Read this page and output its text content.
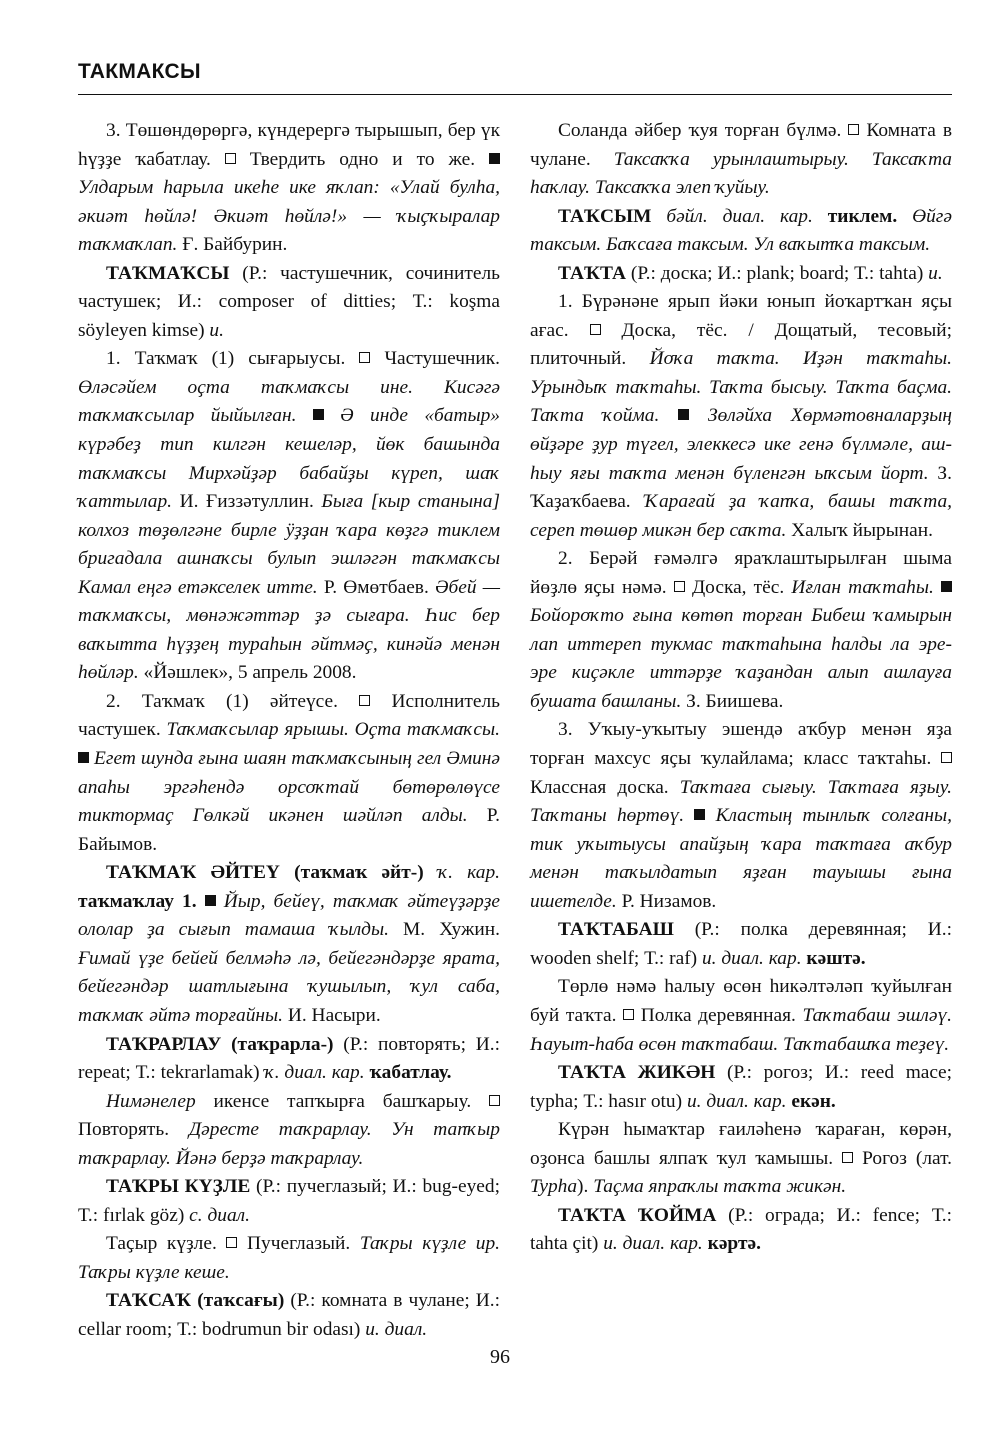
ТАКМАКСЫ

3. Төшөндөрөргә, күндерергә тырышып, бер үк һүҙҙе ҡабатлау.  Твердить одно и то же.  Улдарым һарыла икеһе ике яҡлап: «Улай булһа, әкиәт һөйлә! Әкиәт һөйлә!» — ҡыҫҡыралар таҡмаҡлап. Ғ. Байбурин.

ТАҠМАҠСЫ (Р.: частушечник, сочинитель частушек; И.: composer of ditties; Т.: koşma söyleyen kimse) и.

1. Таҡмаҡ (1) сығарыусы.  Частушечник. Өләсәйем оҫта таҡмаҡсы ине. Кисәгә таҡмаҡсылар йыйылған.  Ә инде «батыр» күрәбеҙ тип килгән кешеләр, йөк башында таҡмаҡсы Мирхәйҙәр бабайҙы күреп, шаҡ ҡаттылар. И. Ғиззәтуллин. Быға [кыр станына] колхоз төҙөлгәне бирле ӱҙҙан ҡара көҙгә тиклем бригадала ашнаҡсы булып эшләгән таҡмаҡсы Камал еңгә етәкселек итте. Р. Өмөтбаев. Әбей — таҡмаҡсы, мөнәжәттәр ҙә сығара. Һис бер ваҡытта һүҙҙең тураһын әйтмәҫ, кинәйә менән һөйләр. «Йәшлек», 5 апрель 2008.

2. Таҡмаҡ (1) әйтеүсе.  Исполнитель частушек. Таҡмаҡсылар ярышы. Оҫта таҡмаҡсы.  Егет шунда ғына шаян таҡмаҡсының гел Әминә апаһы эргәһендә орсоҡтай бөтөрөлөүсе тиктормаҫ Гөлкәй икәнен шәйләп алды. Р. Байымов.

ТАҠМАҠ ӘЙТЕҮ (таҡмаҡ әйт-) ҡ. кар. таҡмаҡлау 1.  Йыр, бейеү, таҡмаҡ әйтеүҙәрҙе ололар ҙа сығып тамаша ҡылды. М. Хужин. Ғимай үҙе бейей белмәһә лә, бейегәндәрҙе ярата, бейегәндәр шатлығына ҡушылып, ҡул саба, таҡмаҡ әйтә торғайны. И. Насыри.

ТАҠРАРЛАУ (таҡрарла-) (Р.: повторять; И.: repeat; Т.: tekrarlamak) ҡ. диал. кар. ҡабатлау.

Нимәнелер икенсе тапҡырға башҡарыу.  Повторять. Дәресте таҡрарлау. Ун тапҡыр таҡрарлау. Йәнә берҙә таҡрарлау.

ТАҠРЫ КҮҘЛЕ (Р.: пучеглазый; И.: bug-eyed; Т.: fırlak göz) с. диал.

Таҫыр күҙле.  Пучеглазый. Таҡры күҙле ир. Таҡры күҙле кеше.

ТАҠСАҠ (таҡсағы) (Р.: комната в чулане; И.: cellar room; Т.: bodrumun bir odası) и. диал.

Соланда әйбер ҡуя торған бүлмә.  Комната в чулане. Таксаҡҡа урынлаштырыу. Таксаҡта һаҡлау. Таксаҡҡа элеп ҡуйыу.

ТАҠСЫМ бәйл. диал. кар. тиклем. Өйгә таксым. Баҡсаға таксым. Ул ваҡытҡа таксым.

ТАҠТА (Р.: доска; И.: plank; board; Т.: tahta) и.

1. Бүрәнәне ярып йәки юнып йоҡартҡан яҫы ағас.  Доска, тёс. / Дощатый, тесовый; плиточный. Йоҡа таҡта. Иҙән таҡтаһы. Урындыҡ таҡтаһы. Таҡта бысыу. Таҡта баҫма. Таҡта ҡойма.  Зөләйха Хөрмәтовналарҙың өйҙәре ҙур түгел, элеккесә ике генә бүлмәле, аш-һыу яғы таҡта менән бүленгән ыҡсым йорт. З. Ҡаҙаҡбаева. Ҡарағай ҙа ҡапҡа, башы таҡта, сереп төшөр микән бер саҡта. Халыҡ йырынан.

2. Берәй ғәмәлгә яраҡлаштырылған шыма йөҙлө яҫы нәмә.  Доска, тёс. Иғлан таҡтаһы.  Бойороҡто ғына көтөп торған Бибеш ҡамырын лап иттереп тукмас таҡтаһына һалды ла эре-эре киҫәкле иттәрҙе ҡаҙандан алып ашлауға бушата башланы. З. Биишева.

3. Уҡыу-уҡытыу эшендә аҡбур менән яҙа торған махсус яҫы ҡулайлама; класс таҡтаһы.  Классная доска. Таҡтаға сығыу. Таҡтаға яҙыу. Таҡтаны һөртөү.  Кластың тынлыҡ солғаны, тик уҡытыусы апайҙың ҡара таҡтаға аҡбур менән таҡылдатып яҙған тауышы ғына ишетелде. Р. Низамов.

ТАҠТАБАШ (Р.: полка деревянная; И.: wooden shelf; Т.: raf) и. диал. кар. кәштә.

Төрлө нәмә һалыу өсөн һикәлтәләп ҡуйылған буй таҡта.  Полка деревянная. Таҡтабаш эшләү. Һауыт-һаба өсөн таҡтабаш. Таҡтабашҡа теҙеү.

ТАҠТА ЖИКӘН (Р.: рогоз; И.: reed mace; typha; Т.: hasır otu) и. диал. кар. екән.

Күрән һымаҡтар ғаиләһенә ҡараған, көрән, оҙонса башлы ялпаҡ ҡул ҡамышы.  Рогоз (лат. Typha). Таҫма япраҡлы таҡта жикән.

ТАҠТА ҠОЙМА (Р.: ограда; И.: fence; Т.: tahta çit) и. диал. кар. кәртә.

96
